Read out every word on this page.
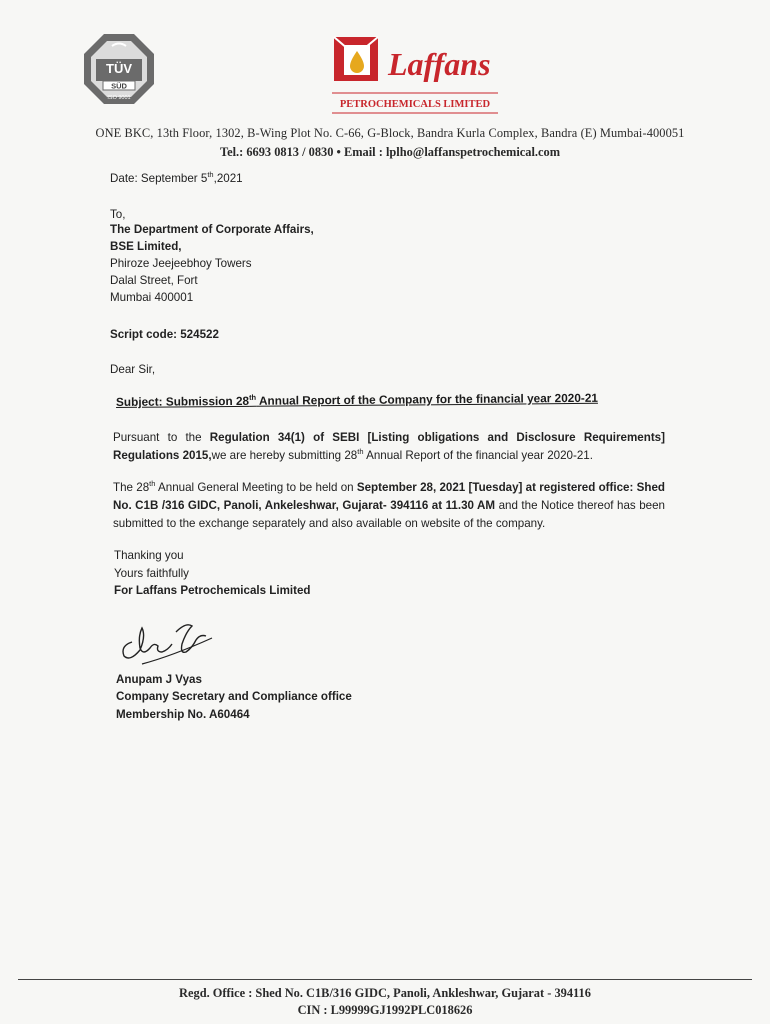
TÜV
SÜD
ISO 9001
Laffans
PETROCHEMICALS LIMITED
ONE BKC, 13th Floor, 1302, B-Wing Plot No. C-66, G-Block, Bandra Kurla Complex, Bandra (E) Mumbai-400051
Tel.: 6693 0813 / 0830 • Email : lplho@laffanspetrochemical.com
Date: September 5th,2021
To,
The Department of Corporate Affairs,
BSE Limited,
Phiroze Jeejeebhoy Towers
Dalal Street, Fort
Mumbai 400001
Script code: 524522
Dear Sir,
Subject: Submission 28th Annual Report of the Company for the financial year 2020-21
Pursuant to the Regulation 34(1) of SEBI [Listing obligations and Disclosure Requirements] Regulations 2015,we are hereby submitting 28th Annual Report of the financial year 2020-21.
The 28th Annual General Meeting to be held on September 28, 2021 [Tuesday] at registered office: Shed No. C1B /316 GIDC, Panoli, Ankeleshwar, Gujarat- 394116 at 11.30 AM and the Notice thereof has been submitted to the exchange separately and also available on website of the company.
Thanking you
Yours faithfully
For Laffans Petrochemicals Limited
Anupam J Vyas
Company Secretary and Compliance office
Membership No. A60464
Regd. Office : Shed No. C1B/316 GIDC, Panoli, Ankleshwar, Gujarat - 394116
CIN : L99999GJ1992PLC018626
